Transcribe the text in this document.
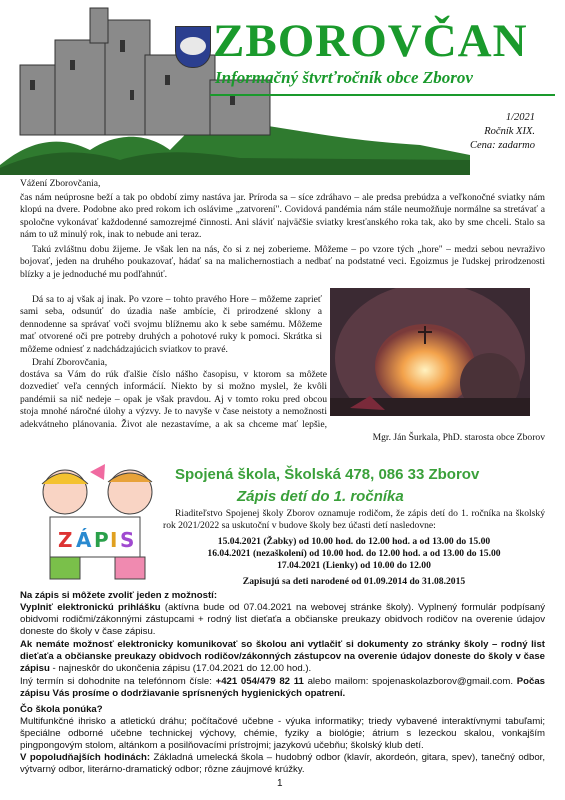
ZBOROVČAN
Informačný štvrťročník obce Zborov
1/2021
Ročník XIX.
Cena: zadarmo
Vážení Zborovčania,
čas nám neúprosne beží a tak po období zimy nastáva jar. Príroda sa – síce zdráhavo – ale predsa prebúdza a veľkonočné sviatky nám klopú na dvere. Podobne ako pred rokom ich oslávime „zatvorení". Covidová pandémia nám stále neumožňuje normálne sa stretávať a spoločne vykonávať každodenné samozrejmé činnosti. Ani sláviť najväčšie sviatky kresťanského roka tak, ako by sme chceli. Stalo sa nám to už minulý rok, inak to nebude ani teraz.
Takú zvláštnu dobu žijeme. Je však len na nás, čo si z nej zoberieme. Môžeme – po vzore tých „hore" – medzi sebou nevraživo bojovať, jeden na druhého poukazovať, hádať sa na malichernostiach a nedbať na podstatné veci. Egoizmus je ľudskej prirodzenosti blízky a je jednoduché mu podľahnúť.
Dá sa to aj však aj inak. Po vzore – tohto pravého Hore – môžeme zaprieť sami seba, odsunúť do úzadia naše ambície, či prirodzené sklony a dennodenne sa správať voči svojmu blížnemu ako k sebe samému. Môžeme mať otvorené oči pre potreby druhých a pohotové ruky k pomoci. Skrátka si môžeme odniesť z nadchádzajúcich sviatkov to pravé.
Drahí Zborovčania,
dostáva sa Vám do rúk ďalšie číslo nášho časopisu, v ktorom sa môžete dozvedieť veľa cenných informácií. Niekto by si možno myslel, že kvôli pandémii sa nič nedeje – opak je však pravdou. Aj v tomto roku pred obcou stoja mnohé náročné úlohy a výzvy. Je to navyše v čase neistoty a nemožnosti adekvátneho plánovania. Život ale nezastavíme, a ak sa chceme mať lepšie,
Mgr. Ján Šurkala, PhD. starosta obce Zborov
Z Á P I S
Spojená škola, Školská 478, 086 33 Zborov
Zápis detí do 1. ročníka
Riaditeľstvo Spojenej školy Zborov oznamuje rodičom, že zápis detí do 1. ročníka na školský rok 2021/2022 sa uskutoční v budove školy bez účasti detí nasledovne:
15.04.2021 (Žabky) od 10.00 hod. do 12.00 hod. a od 13.00 do 15.00
16.04.2021 (nezaškolení) od 10.00 hod. do 12.00 hod. a od 13.00 do 15.00
17.04.2021 (Lienky) od 10.00 do 12.00
Zapisujú sa deti narodené od 01.09.2014 do 31.08.2015
Na zápis si môžete zvoliť jeden z možností:
Vyplniť elektronickú prihlášku (aktívna bude od 07.04.2021 na webovej stránke školy). Vyplnený formulár podpísaný obidvomi rodičmi/zákonnými zástupcami + rodný list dieťaťa a občianske preukazy obidvoch rodičov na overenie údajov doneste do školy v čase zápisu.
Ak nemáte možnosť elektronicky komunikovať so školou ani vytlačiť si dokumenty zo stránky školy – rodný list dieťaťa a občianske preukazy obidvoch rodičov/zákonných zástupcov na overenie údajov doneste do školy v čase zápisu - najneskôr do ukončenia zápisu (17.04.2021 do 12.00 hod.).
Iný termín si dohodnite na telefónnom čísle: +421 054/479 82 11 alebo mailom: spojenaskolazborov@gmail.com. Počas zápisu Vás prosíme o dodržiavanie sprísnených hygienických opatrení.
Čo škola ponúka?
Multifunkčné ihrisko a atletickú dráhu; počítačové učebne - výuka informatiky; triedy vybavené interaktívnymi tabuľami; špeciálne odborné učebne technickej výchovy, chémie, fyziky a biológie; átrium s lezeckou skalou, vonkajším pingpongovým stolom, altánkom a posilňovacími prístrojmi; jazykovú učebňu; školský klub detí.
V popoludňajších hodinách: Základná umelecká škola – hudobný odbor (klavír, akordeón, gitara, spev), tanečný odbor, výtvarný odbor, literárno-dramatický odbor; rôzne záujmové krúžky.
1
